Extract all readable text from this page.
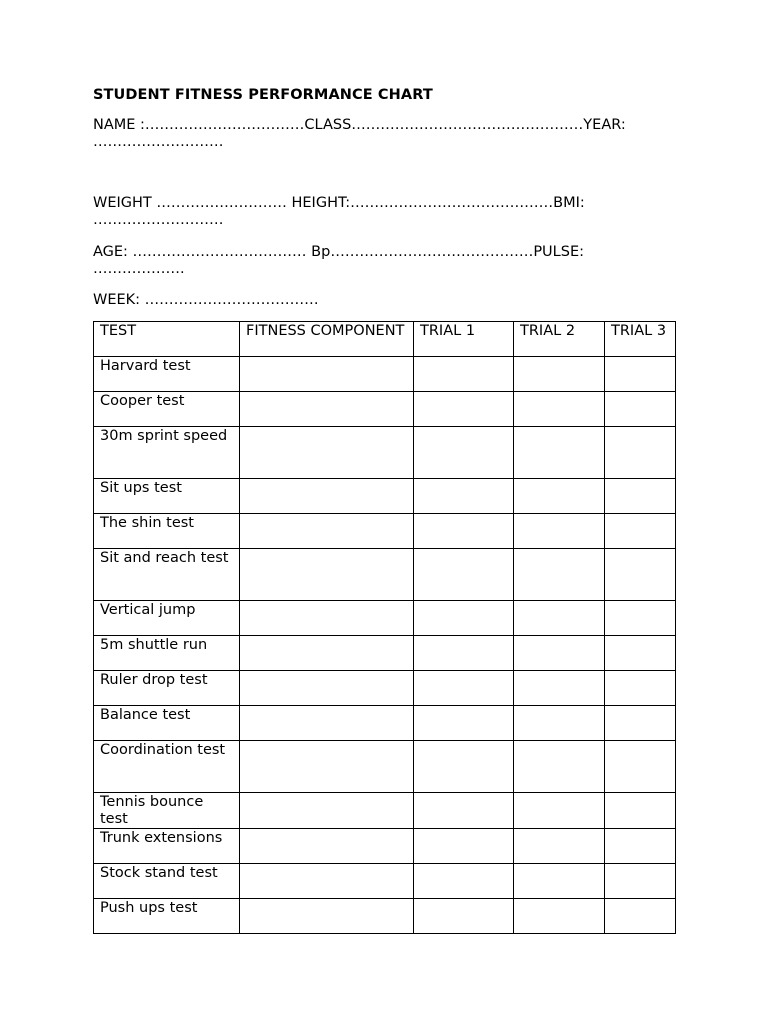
STUDENT FITNESS PERFORMANCE CHART
NAME :……………………………CLASS…………………………………………YEAR: ………………………
WEIGHT ……………………… HEIGHT:……………………………………BMI: ………………………
AGE: ……………………………… Bp……………………………………PULSE: ……………….
WEEK: ………………………………
TEST	FITNESS COMPONENT	TRIAL 1	TRIAL 2	TRIAL 3
Harvard test				
Cooper test				
30m sprint speed				
Sit ups test				
The shin test				
Sit and reach test				
Vertical jump				
5m shuttle run				
Ruler drop test				
Balance test				
Coordination test				
Tennis bounce test				
Trunk extensions				
Stock stand test				
Push ups test				
